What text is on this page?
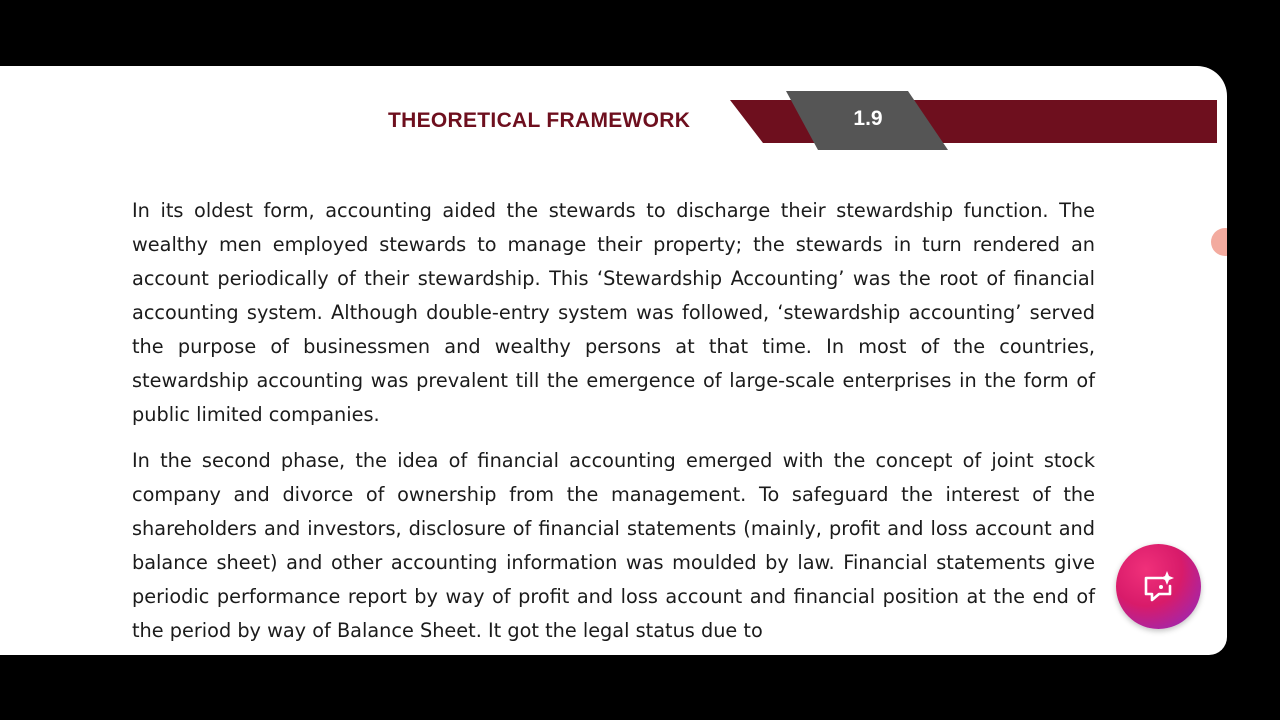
THEORETICAL FRAMEWORK	1.9

In its oldest form, accounting aided the stewards to discharge their stewardship function. The wealthy men employed stewards to manage their property; the stewards in turn rendered an account periodically of their stewardship. This ‘Stewardship Accounting’ was the root of financial accounting system. Although double-entry system was followed, ‘stewardship accounting’ served the purpose of businessmen and wealthy persons at that time. In most of the countries, stewardship accounting was prevalent till the emergence of large-scale enterprises in the form of public limited companies.

In the second phase, the idea of financial accounting emerged with the concept of joint stock company and divorce of ownership from the management. To safeguard the interest of the shareholders and investors, disclosure of financial statements (mainly, profit and loss account and balance sheet) and other accounting information was moulded by law. Financial statements give periodic performance report by way of profit and loss account and financial position at the end of the period by way of Balance Sheet. It got the legal status due to
